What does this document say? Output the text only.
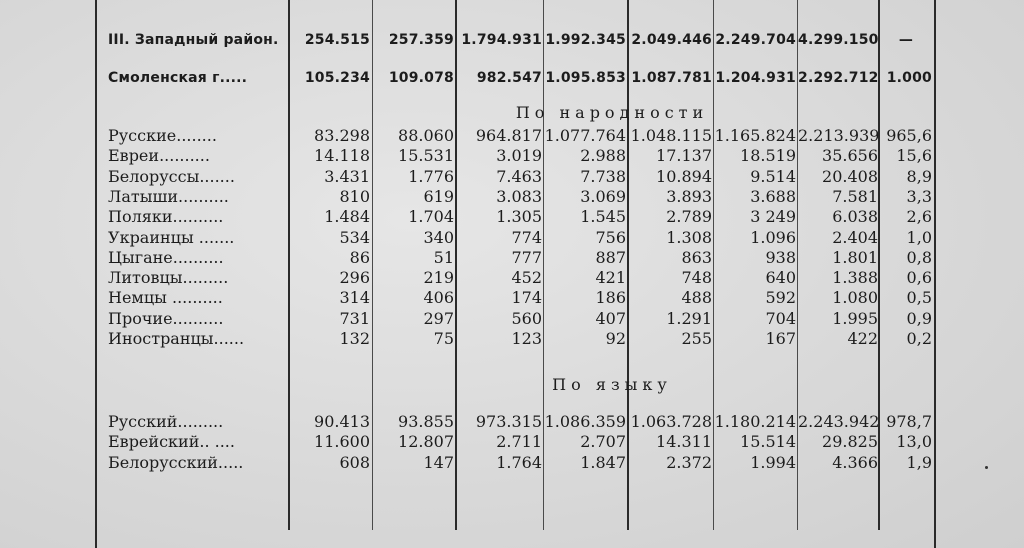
III. Западный район.	254.515	257.359 1.794.931 1.992.345 2.049.446 2.249.704 4.299.150	—
Смоленская г.....	105.234	109.078	982.547 1.095.853 1.087.781 1.204.931 2.292.712 1.000
По народности
По языку
Русские........	83.298	88.060	964.817 1.077.764 1.048.115 1.165.824 2.213.939 965,6
Евреи..........	14.118	15.531	3.019	2.988	17.137	18.519	35.656	15,6
Белоруссы.......	3.431	1.776	7.463	7.738	10.894	9.514	20.408	8,9
Латыши..........	810	619	3.083	3.069	3.893	3.688	7.581	3,3
Поляки..........	1.484	1.704	1.305	1.545	2.789	3 249	6.038	2,6
Украинцы .......	534	340	774	756	1.308	1.096	2.404	1,0
Цыгане..........	86	51	777	887	863	938	1.801	0,8
Литовцы.........	296	219	452	421	748	640	1.388	0,6
Немцы ..........	314	406	174	186	488	592	1.080	0,5
Прочие..........	731	297	560	407	1.291	704	1.995	0,9
Иностранцы......	132	75	123	92	255	167	422	0,2
Русский.........	90.413	93.855	973.315 1.086.359 1.063.728 1.180.214 2.243.942 978,7
Еврейский.. ....	11.600	12.807	2.711	2.707	14.311	15.514	29.825	13,0
Белорусский.....	608	147	1.764	1.847	2.372	1.994	4.366	1,9
